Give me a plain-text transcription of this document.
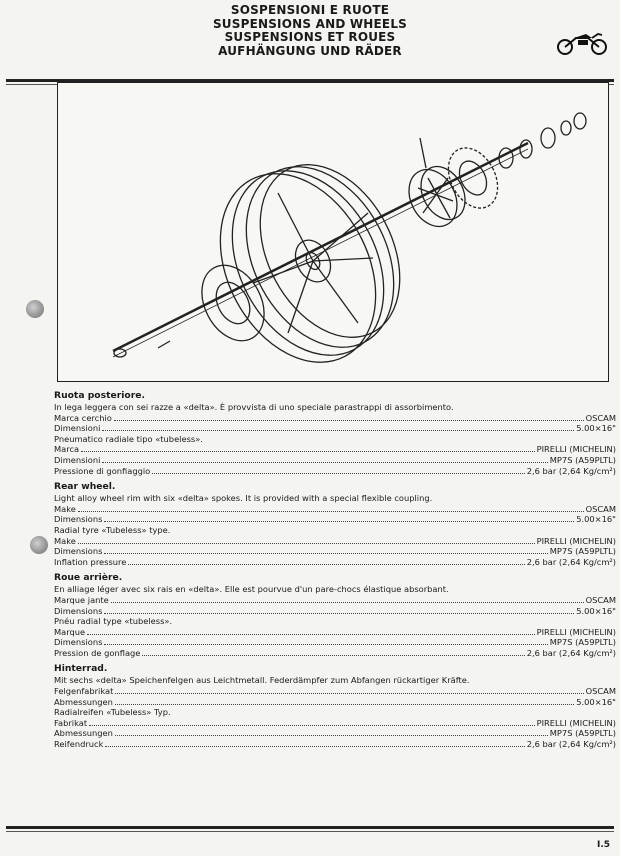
SOSPENSIONI E RUOTE
SUSPENSIONS AND WHEELS
SUSPENSIONS ET ROUES
AUFHÄNGUNG UND RÄDER
Ruota posteriore.
In lega leggera con sei razze a «delta». È provvista di uno speciale parastrappi di assorbimento.
Marca cerchio	OSCAM
Dimensioni	5.00×16"
Pneumatico radiale tipo «tubeless».
Marca	PIRELLI (MICHELIN)
Dimensioni	MP7S (A59PLTL)
Pressione di gonfiaggio	2,6 bar (2,64 Kg/cm²)
Rear wheel.
Light alloy wheel rim with six «delta» spokes. It is provided with a special flexible coupling.
Make	OSCAM
Dimensions	5.00×16"
Radial tyre «Tubeless» type.
Make	PIRELLI (MICHELIN)
Dimensions	MP7S (A59PLTL)
Inflation pressure	2,6 bar (2,64 Kg/cm²)
Roue arrière.
En alliage léger avec six rais en «delta». Elle est pourvue d'un pare-chocs élastique absorbant.
Marque jante	OSCAM
Dimensions	5.00×16"
Pnéu radial type «tubeless».
Marque	PIRELLI (MICHELIN)
Dimensions	MP7S (A59PLTL)
Pression de gonflage	2,6 bar (2,64 Kg/cm²)
Hinterrad.
Mit sechs «delta» Speichenfelgen aus Leichtmetall. Federdämpfer zum Abfangen rückartiger Kräfte.
Felgenfabrikat	OSCAM
Abmessungen	5.00×16"
Radialreifen «Tubeless» Typ.
Fabrikat	PIRELLI (MICHELIN)
Abmessungen	MP7S (A59PLTL)
Reifendruck	2,6 bar (2,64 Kg/cm²)
I.5
